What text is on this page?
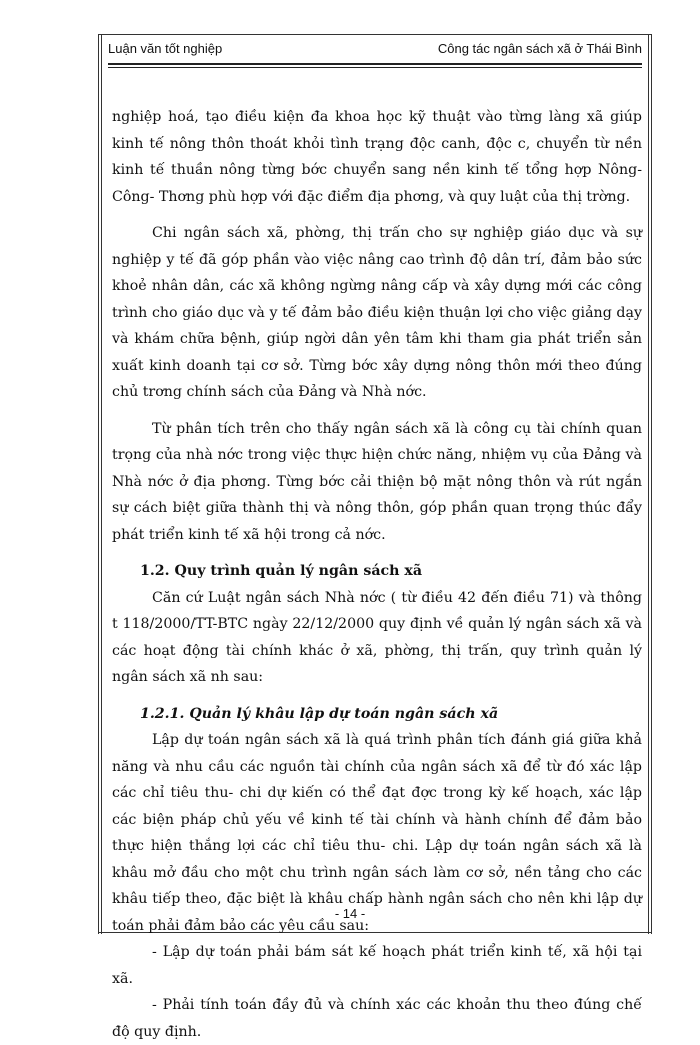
Luận văn tốt nghiệp	Công tác ngân sách xã ở Thái Bình

nghiệp hoá, tạo điều kiện đa khoa học kỹ thuật vào từng làng xã giúp kinh tế nông thôn thoát khỏi tình trạng độc canh, độc c, chuyển từ nền kinh tế thuần nông từng bớc chuyển sang nền kinh tế tổng hợp Nông- Công- Thơng phù hợp với đặc điểm địa phơng, và quy luật của thị trờng.

Chi ngân sách xã, phờng, thị trấn cho sự nghiệp giáo dục và sự nghiệp y tế đã góp phần vào việc nâng cao trình độ dân trí, đảm bảo sức khoẻ nhân dân, các xã không ngừng nâng cấp và xây dựng mới các công trình cho giáo dục và y tế đảm bảo điều kiện thuận lợi cho việc giảng dạy và khám chữa bệnh, giúp ngời dân yên tâm khi tham gia phát triển sản xuất kinh doanh tại cơ sở. Từng bớc xây dựng nông thôn mới theo đúng chủ trơng chính sách của Đảng và Nhà nớc.

Từ phân tích trên cho thấy ngân sách xã là công cụ tài chính quan trọng của nhà nớc trong việc thực hiện chức năng, nhiệm vụ của Đảng và Nhà nớc ở địa phơng. Từng bớc cải thiện bộ mặt nông thôn và rút ngắn sự cách biệt giữa thành thị và nông thôn, góp phần quan trọng thúc đẩy phát triển kinh tế xã hội trong cả nớc.

1.2. Quy trình quản lý ngân sách xã

Căn cứ Luật ngân sách Nhà nớc ( từ điều 42 đến điều 71) và thông t 118/2000/TT-BTC ngày 22/12/2000 quy định về quản lý ngân sách xã và các hoạt động tài chính khác ở xã, phờng, thị trấn, quy trình quản lý ngân sách xã nh sau:

1.2.1. Quản lý khâu lập dự toán ngân sách xã

Lập dự toán ngân sách xã là quá trình phân tích đánh giá giữa khả năng và nhu cầu các nguồn tài chính của ngân sách xã để từ đó xác lập các chỉ tiêu thu- chi dự kiến có thể đạt đợc trong kỳ kế hoạch, xác lập các biện pháp chủ yếu về kinh tế tài chính và hành chính để đảm bảo thực hiện thắng lợi các chỉ tiêu thu- chi. Lập dự toán ngân sách xã là khâu mở đầu cho một chu trình ngân sách làm cơ sở, nền tảng cho các khâu tiếp theo, đặc biệt là khâu chấp hành ngân sách cho nên khi lập dự toán phải đảm bảo các yêu cầu sau:

- Lập dự toán phải bám sát kế hoạch phát triển kinh tế, xã hội tại xã.

- Phải tính toán đầy đủ và chính xác các khoản thu theo đúng chế độ quy định.

- 14 -
